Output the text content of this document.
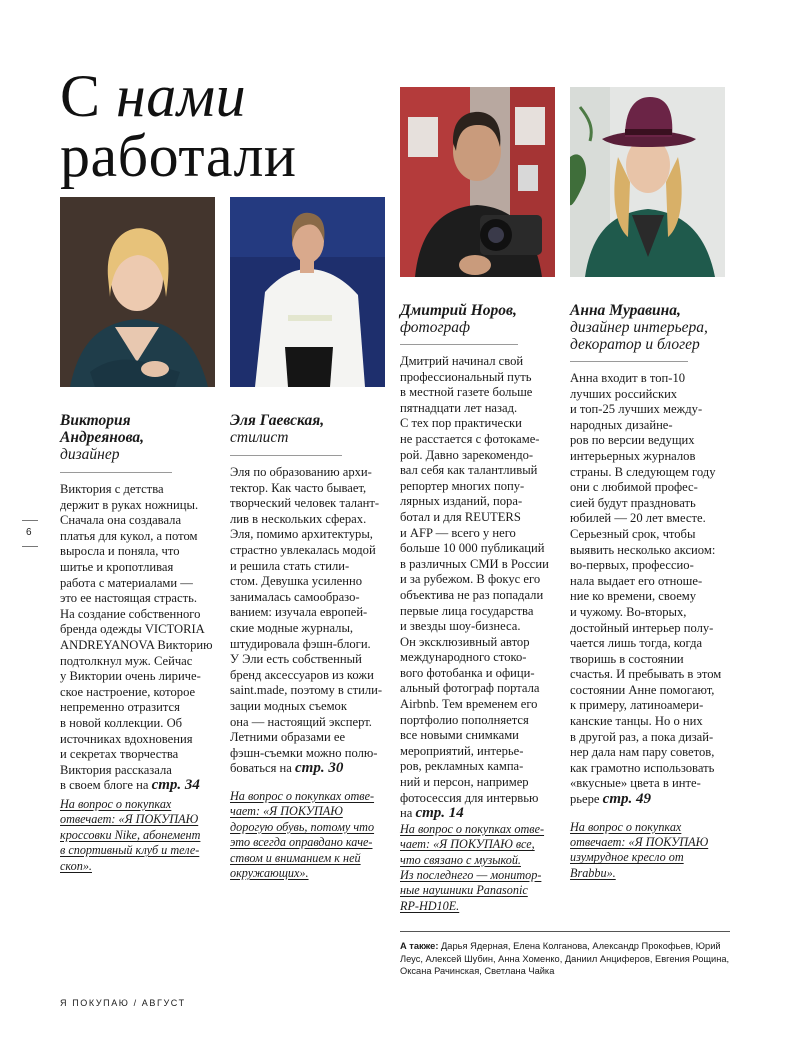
С нами
работали
6
Виктория
Андреянова,
дизайнер
Виктория с детства
держит в руках ножницы.
Сначала она создавала
платья для кукол, а потом
выросла и поняла, что
шитье и кропотливая
работа с материалами —
это ее настоящая страсть.
На создание собственного
бренда одежды VICTORIA
ANDREYANOVA Викторию
подтолкнул муж. Сейчас
у Виктории очень лириче-
ское настроение, которое
непременно отразится
в новой коллекции. Об
источниках вдохновения
и секретах творчества
Виктория рассказала
в своем блоге на стр. 34
На вопрос о покупках
отвечает: «Я ПОКУПАЮ
кроссовки Nike, абонемент
в спортивный клуб и теле-
скоп».
Эля Гаевская,
стилист
Эля по образованию архи-
тектор. Как часто бывает,
творческий человек талант-
лив в нескольких сферах.
Эля, помимо архитектуры,
страстно увлекалась модой
и решила стать стили-
стом. Девушка усиленно
занималась самообразо-
ванием: изучала европей-
ские модные журналы,
штудировала фэшн-блоги.
У Эли есть собственный
бренд аксессуаров из кожи
saint.made, поэтому в стили-
зации модных съемок
она — настоящий эксперт.
Летними образами ее
фэшн-съемки можно полю-
боваться на стр. 30
На вопрос о покупках отве-
чает: «Я ПОКУПАЮ
дорогую обувь, потому что
это всегда оправдано каче-
ством и вниманием к ней
окружающих».
Дмитрий Норов,
фотограф
Дмитрий начинал свой
профессиональный путь
в местной газете больше
пятнадцати лет назад.
С тех пор практически
не расстается с фотокаме-
рой. Давно зарекомендо-
вал себя как талантливый
репортер многих попу-
лярных изданий, пора-
ботал и для REUTERS
и AFP — всего у него
больше 10 000 публикаций
в различных СМИ в России
и за рубежом. В фокус его
объектива не раз попадали
первые лица государства
и звезды шоу-бизнеса.
Он эксклюзивный автор
международного стоко-
вого фотобанка и офици-
альный фотограф портала
Airbnb. Тем временем его
портфолио пополняется
все новыми снимками
мероприятий, интерье-
ров, рекламных кампа-
ний и персон, например
фотосессия для интервью
на стр. 14
На вопрос о покупках отве-
чает: «Я ПОКУПАЮ все,
что связано с музыкой.
Из последнего — монитор-
ные наушники Panasonic
RP-HD10E.
Анна Муравина,
дизайнер интерьера,
декоратор и блогер
Анна входит в топ-10
лучших российских
и топ-25 лучших между-
народных дизайне-
ров по версии ведущих
интерьерных журналов
страны. В следующем году
они с любимой профес-
сией будут праздновать
юбилей — 20 лет вместе.
Серьезный срок, чтобы
выявить несколько аксиом:
во-первых, профессио-
нала выдает его отноше-
ние ко времени, своему
и чужому. Во-вторых,
достойный интерьер полу-
чается лишь тогда, когда
творишь в состоянии
счастья. И пребывать в этом
состоянии Анне помогают,
к примеру, латиноамери-
канские танцы. Но о них
в другой раз, а пока дизай-
нер дала нам пару советов,
как грамотно использовать
«вкусные» цвета в инте-
рьере стр. 49
На вопрос о покупках
отвечает: «Я ПОКУПАЮ
изумрудное кресло от
Brabbu».
А также: Дарья Ядерная, Елена Колганова, Александр Прокофьев, Юрий Леус, Алексей Шубин, Анна Хоменко, Даниил Анциферов, Евгения Рощина, Оксана Рачинская, Светлана Чайка
Я ПОКУПАЮ / АВГУСТ
